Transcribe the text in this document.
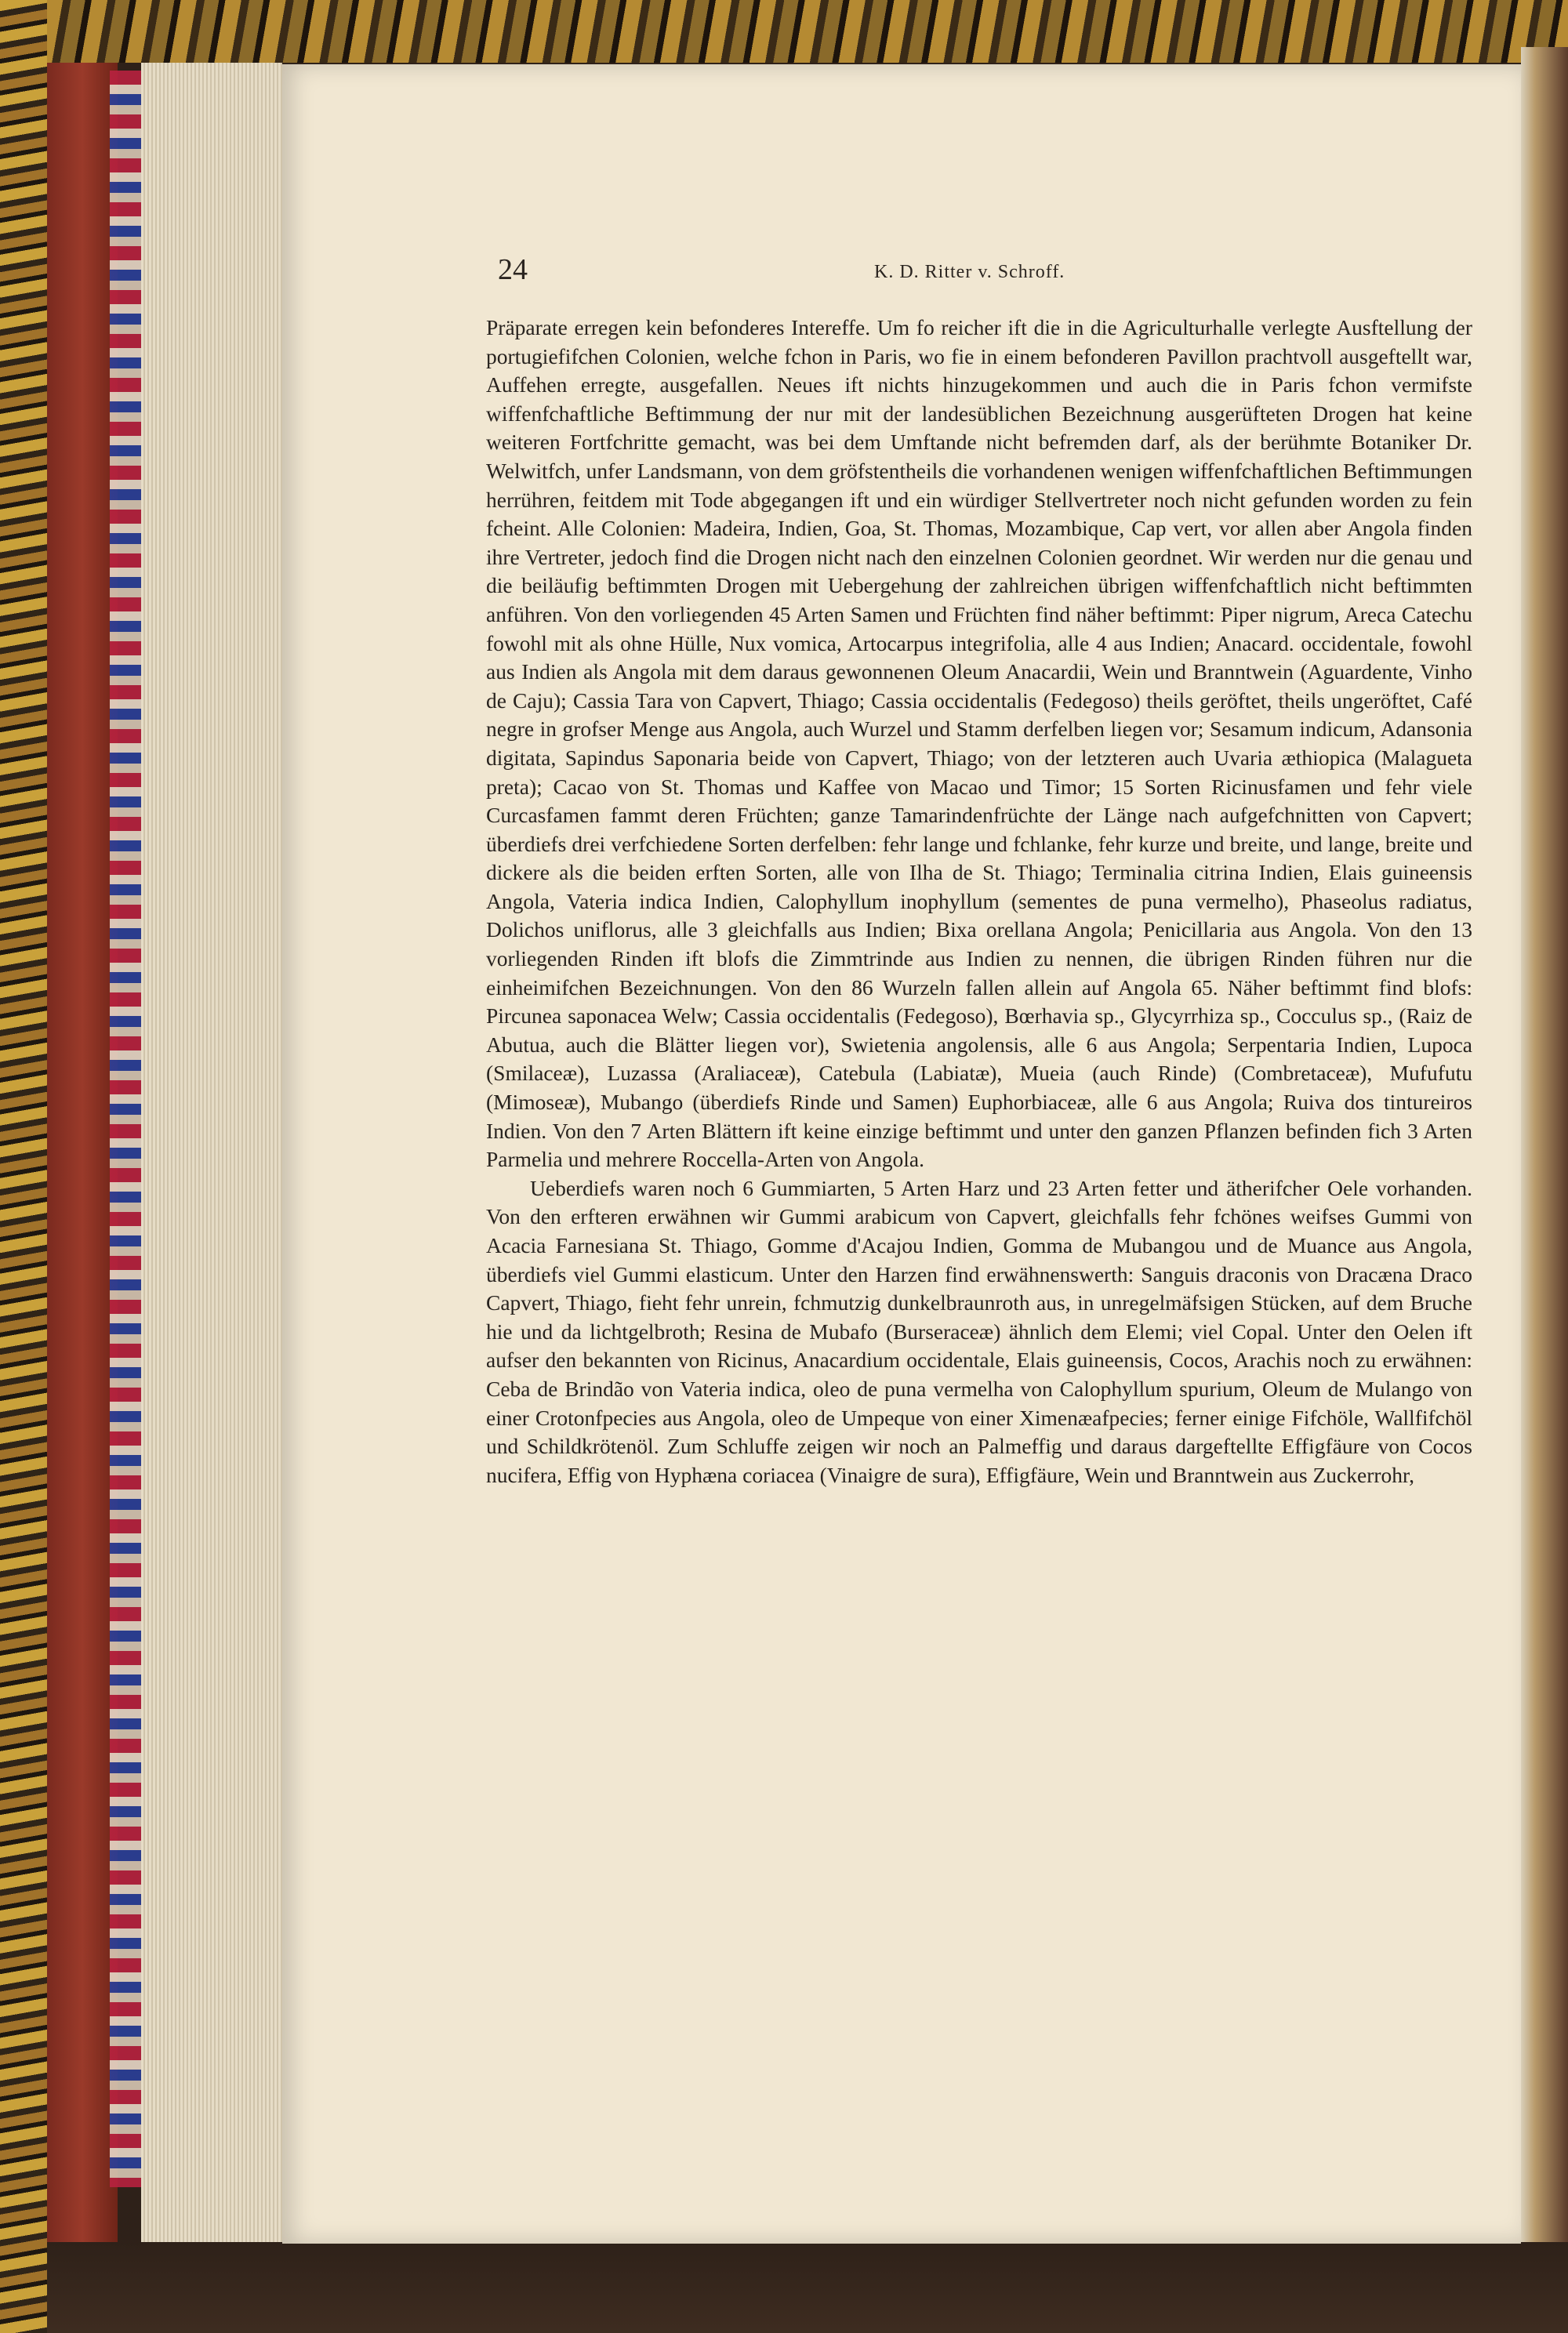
24	K. D. Ritter v. Schroff.

Präparate erregen kein befonderes Intereffe. Um fo reicher ift die in die Agriculturhalle verlegte Ausftellung der portugiefifchen Colonien, welche fchon in Paris, wo fie in einem befonderen Pavillon prachtvoll ausgeftellt war, Auffehen erregte, ausgefallen. Neues ift nichts hinzugekommen und auch die in Paris fchon vermifste wiffenfchaftliche Beftimmung der nur mit der landesüblichen Bezeichnung ausgerüfteten Drogen hat keine weiteren Fortfchritte gemacht, was bei dem Umftande nicht befremden darf, als der berühmte Botaniker Dr. Welwitfch, unfer Landsmann, von dem gröfstentheils die vorhandenen wenigen wiffenfchaftlichen Beftimmungen herrühren, feitdem mit Tode abgegangen ift und ein würdiger Stellvertreter noch nicht gefunden worden zu fein fcheint. Alle Colonien: Madeira, Indien, Goa, St. Thomas, Mozambique, Cap vert, vor allen aber Angola finden ihre Vertreter, jedoch find die Drogen nicht nach den einzelnen Colonien geordnet. Wir werden nur die genau und die beiläufig beftimmten Drogen mit Uebergehung der zahlreichen übrigen wiffenfchaftlich nicht beftimmten anführen. Von den vorliegenden 45 Arten Samen und Früchten find näher beftimmt: Piper nigrum, Areca Catechu fowohl mit als ohne Hülle, Nux vomica, Artocarpus integrifolia, alle 4 aus Indien; Anacard. occidentale, fowohl aus Indien als Angola mit dem daraus gewonnenen Oleum Anacardii, Wein und Branntwein (Aguardente, Vinho de Caju); Cassia Tara von Capvert, Thiago; Cassia occidentalis (Fedegoso) theils geröftet, theils ungeröftet, Café negre in grofser Menge aus Angola, auch Wurzel und Stamm derfelben liegen vor; Sesamum indicum, Adansonia digitata, Sapindus Saponaria beide von Capvert, Thiago; von der letzteren auch Uvaria æthiopica (Malagueta preta); Cacao von St. Thomas und Kaffee von Macao und Timor; 15 Sorten Ricinusfamen und fehr viele Curcasfamen fammt deren Früchten; ganze Tamarindenfrüchte der Länge nach aufgefchnitten von Capvert; überdiefs drei verfchiedene Sorten derfelben: fehr lange und fchlanke, fehr kurze und breite, und lange, breite und dickere als die beiden erften Sorten, alle von Ilha de St. Thiago; Terminalia citrina Indien, Elais guineensis Angola, Vateria indica Indien, Calophyllum inophyllum (sementes de puna vermelho), Phaseolus radiatus, Dolichos uniflorus, alle 3 gleichfalls aus Indien; Bixa orellana Angola; Penicillaria aus Angola. Von den 13 vorliegenden Rinden ift blofs die Zimmtrinde aus Indien zu nennen, die übrigen Rinden führen nur die einheimifchen Bezeichnungen. Von den 86 Wurzeln fallen allein auf Angola 65. Näher beftimmt find blofs: Pircunea saponacea Welw; Cassia occidentalis (Fedegoso), Bœrhavia sp., Glycyrrhiza sp., Cocculus sp., (Raiz de Abutua, auch die Blätter liegen vor), Swietenia angolensis, alle 6 aus Angola; Serpentaria Indien, Lupoca (Smilaceæ), Luzassa (Araliaceæ), Catebula (Labiatæ), Mueia (auch Rinde) (Combretaceæ), Mufufutu (Mimoseæ), Mubango (überdiefs Rinde und Samen) Euphorbiaceæ, alle 6 aus Angola; Ruiva dos tintureiros Indien. Von den 7 Arten Blättern ift keine einzige beftimmt und unter den ganzen Pflanzen befinden fich 3 Arten Parmelia und mehrere Roccella-Arten von Angola.

Ueberdiefs waren noch 6 Gummiarten, 5 Arten Harz und 23 Arten fetter und ätherifcher Oele vorhanden. Von den erfteren erwähnen wir Gummi arabicum von Capvert, gleichfalls fehr fchönes weifses Gummi von Acacia Farnesiana St. Thiago, Gomme d'Acajou Indien, Gomma de Mubangou und de Muance aus Angola, überdiefs viel Gummi elasticum. Unter den Harzen find erwähnenswerth: Sanguis draconis von Dracæna Draco Capvert, Thiago, fieht fehr unrein, fchmutzig dunkelbraunroth aus, in unregelmäfsigen Stücken, auf dem Bruche hie und da lichtgelbroth; Resina de Mubafo (Burseraceæ) ähnlich dem Elemi; viel Copal. Unter den Oelen ift aufser den bekannten von Ricinus, Anacardium occidentale, Elais guineensis, Cocos, Arachis noch zu erwähnen: Ceba de Brindão von Vateria indica, oleo de puna vermelha von Calophyllum spurium, Oleum de Mulango von einer Crotonfpecies aus Angola, oleo de Umpeque von einer Ximenæafpecies; ferner einige Fifchöle, Wallfifchöl und Schildkrötenöl. Zum Schluffe zeigen wir noch an Palmeffig und daraus dargeftellte Effigfäure von Cocos nucifera, Effig von Hyphæna coriacea (Vinaigre de sura), Effigfäure, Wein und Branntwein aus Zuckerrohr,
